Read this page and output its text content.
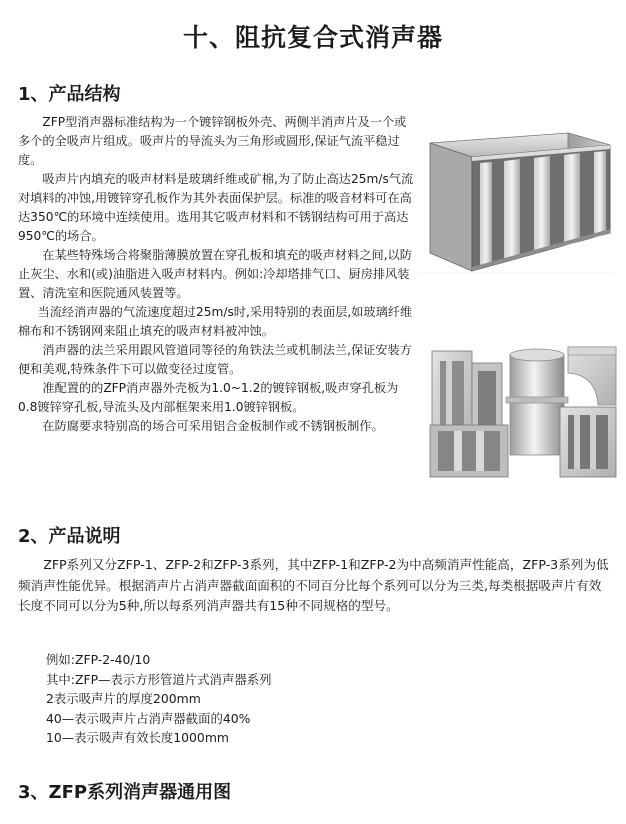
十、阻抗复合式消声器
1、产品结构

ZFP型消声器标准结构为一个镀锌钢板外壳、两侧半消声片及一个或多个的全吸声片组成。吸声片的导流头为三角形或圆形,保证气流平稳过度。

吸声片内填充的吸声材料是玻璃纤维或矿棉,为了防止高达25m/s气流对填料的冲蚀,用镀锌穿孔板作为其外表面保护层。标准的吸音材料可在高达350℃的环境中连续使用。选用其它吸声材料和不锈钢结构可用于高达950℃的场合。

在某些特殊场合将聚脂薄膜放置在穿孔板和填充的吸声材料之间,以防止灰尘、水和(或)油脂进入吸声材料内。例如:冷却塔排气口、厨房排风装置、清洗室和医院通风装置等。

当流经消声器的气流速度超过25m/s时,采用特别的表面层,如玻璃纤维棉布和不锈钢网来阻止填充的吸声材料被冲蚀。

消声器的法兰采用跟风管道同等径的角铁法兰或机制法兰,保证安装方便和美观,特殊条件下可以做变径过度管。

准配置的的ZFP消声器外壳板为1.0~1.2的镀锌钢板,吸声穿孔板为0.8镀锌穿孔板,导流头及内部框架来用1.0镀锌钢板。

在防腐要求特别高的场合可采用铝合金板制作或不锈钢板制作。

2、产品说明

ZFP系列又分ZFP-1、ZFP-2和ZFP-3系列，其中ZFP-1和ZFP-2为中高频消声性能高，ZFP-3系列为低频消声性能优异。根据消声片占消声器截面面积的不同百分比每个系列可以分为三类,每类根据吸声片有效长度不同可以分为5种,所以每系列消声器共有15种不同规格的型号。

例如:ZFP-2-40/10
其中:ZFP—表示方形管道片式消声器系列
2表示吸声片的厚度200mm
40—表示吸声片占消声器截面的40%
10—表示吸声有效长度1000mm
3、ZFP系列消声器通用图
